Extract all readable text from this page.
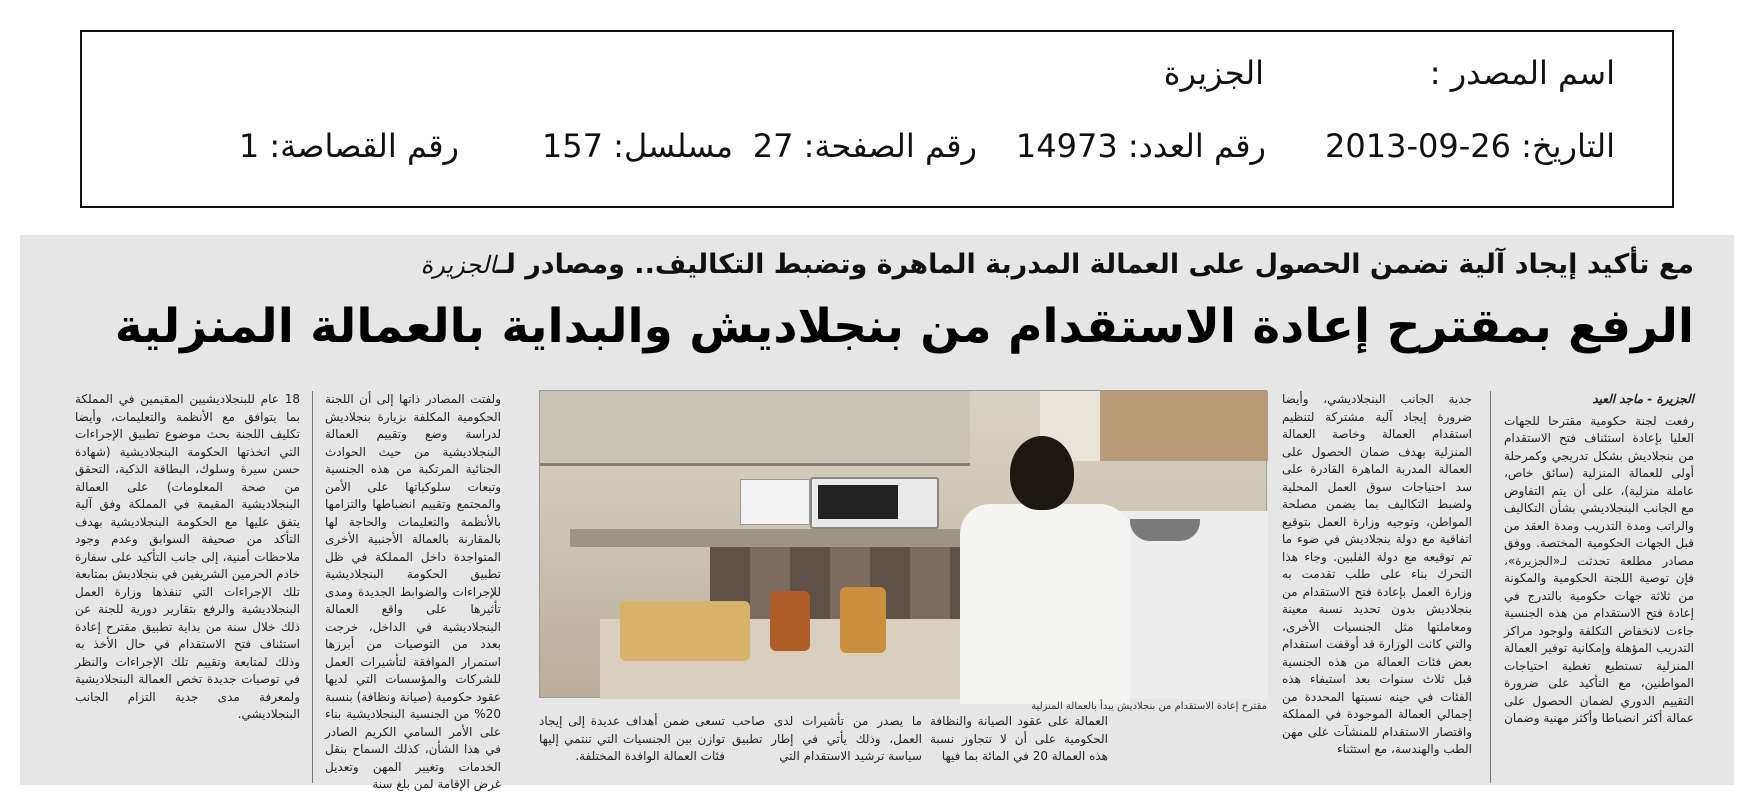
اسم المصدر :
الجزيرة
التاريخ: 26-09-2013
رقم العدد: 14973
رقم الصفحة: 27
مسلسل: 157
رقم القصاصة: 1
مع تأكيد إيجاد آلية تضمن الحصول على العمالة المدربة الماهرة وتضبط التكاليف.. ومصادر لـالجزيرة
الرفع بمقترح إعادة الاستقدام من بنجلاديش والبداية بالعمالة المنزلية
الجزيرة - ماجد العيد
رفعت لجنة حكومية مقترحا للجهات العليا بإعادة استئناف فتح الاستقدام من بنجلاديش بشكل تدريجي وكمرحلة أولى للعمالة المنزلية (سائق خاص، عاملة منزلية)، على أن يتم التفاوض مع الجانب البنجلاديشي بشأن التكاليف والراتب ومدة التدريب ومدة العقد من قبل الجهات الحكومية المختصة. ووفق مصادر مطلعة تحدثت لـ«الجزيرة»، فإن توصية اللجنة الحكومية والمكونة من ثلاثة جهات حكومية بالتدرج في إعادة فتح الاستقدام من هذه الجنسية جاءت لانخفاض التكلفة ولوجود مراكز التدريب المؤهلة وإمكانية توفير العمالة المنزلية تستطيع تغطية احتياجات المواطنين، مع التأكيد على ضرورة التقييم الدوري لضمان الحصول على عمالة أكثر انضباطا وأكثر مهنية وضمان
جدية الجانب البنجلاديشي، وأيضا ضرورة إيجاد آلية مشتركة لتنظيم استقدام العمالة وخاصة العمالة المنزلية بهدف ضمان الحصول على العمالة المدربة الماهرة القادرة على سد احتياجات سوق العمل المحلية ولضبط التكاليف بما يضمن مصلحة المواطن، وتوجيه وزارة العمل بتوقيع اتفاقية مع دولة بنجلاديش في ضوء ما تم توقيعه مع دولة الفلبين. وجاء هذا التحرك بناء على طلب تقدمت به وزارة العمل بإعادة فتح الاستقدام من بنجلاديش بدون تحديد نسبة معينة ومعاملتها مثل الجنسيات الأخرى، والتي كانت الوزارة قد أوقفت استقدام بعض فئات العمالة من هذه الجنسية قبل ثلاث سنوات بعد استيفاء هذه الفئات في حينه نسبتها المحددة من إجمالي العمالة الموجودة في المملكة واقتصار الاستقدام للمنشآت على مهن الطب والهندسة، مع استثناء
مقترح إعادة الاستقدام من بنجلاديش يبدأ بالعمالة المنزلية
العمالة على عقود الصيانة والنظافة الحكومية على أن لا تتجاوز نسبة هذه العمالة 20 في المائة بما فيها
ما يصدر من تأشيرات لدى صاحب العمل، وذلك يأتي في إطار تطبيق سياسة ترشيد الاستقدام التي
تسعى ضمن أهداف عديدة إلى إيجاد توازن بين الجنسيات التي تنتمي إليها فئات العمالة الوافدة المختلفة.
ولفتت المصادر ذاتها إلى أن اللجنة الحكومية المكلفة بزيارة بنجلاديش لدراسة وضع وتقييم العمالة البنجلاديشية من حيث الحوادث الجنائية المرتكبة من هذه الجنسية وتبعات سلوكياتها على الأمن والمجتمع وتقييم انضباطها والتزامها بالأنظمة والتعليمات والحاجة لها بالمقارنة بالعمالة الأجنبية الأخرى المتواجدة داخل المملكة في ظل تطبيق الحكومة البنجلاديشية للإجراءات والضوابط الجديدة ومدى تأثيرها على واقع العمالة البنجلاديشية في الداخل، خرجت بعدد من التوصيات من أبرزها استمرار الموافقة لتأشيرات العمل للشركات والمؤسسات التي لديها عقود حكومية (صيانة ونظافة) بنسبة 20% من الجنسية البنجلاديشية بناء على الأمر السامي الكريم الصادر في هذا الشأن، كذلك السماح بنقل الخدمات وتغيير المهن وتعديل غرض الإقامة لمن بلغ سنة
18 عام للبنجلاديشيين المقيمين في المملكة بما يتوافق مع الأنظمة والتعليمات، وأيضا تكليف اللجنة بحث موضوع تطبيق الإجراءات التي اتخذتها الحكومة البنجلاديشية (شهادة حسن سيرة وسلوك، البطاقة الذكية، التحقق من صحة المعلومات) على العمالة البنجلاديشية المقيمة في المملكة وفق آلية يتفق عليها مع الحكومة البنجلاديشية بهدف التأكد من صحيفة السوابق وعدم وجود ملاحظات أمنية، إلى جانب التأكيد على سفارة خادم الحرمين الشريفين في بنجلاديش بمتابعة تلك الإجراءات التي تنفذها وزارة العمل البنجلاديشية والرفع بتقارير دورية للجنة عن ذلك خلال سنة من بداية تطبيق مقترح إعادة استئناف فتح الاستقدام في حال الأخذ به وذلك لمتابعة وتقييم تلك الإجراءات والنظر في توصيات جديدة تخص العمالة البنجلاديشية ولمعرفة مدى جدية التزام الجانب البنجلاديشي.
